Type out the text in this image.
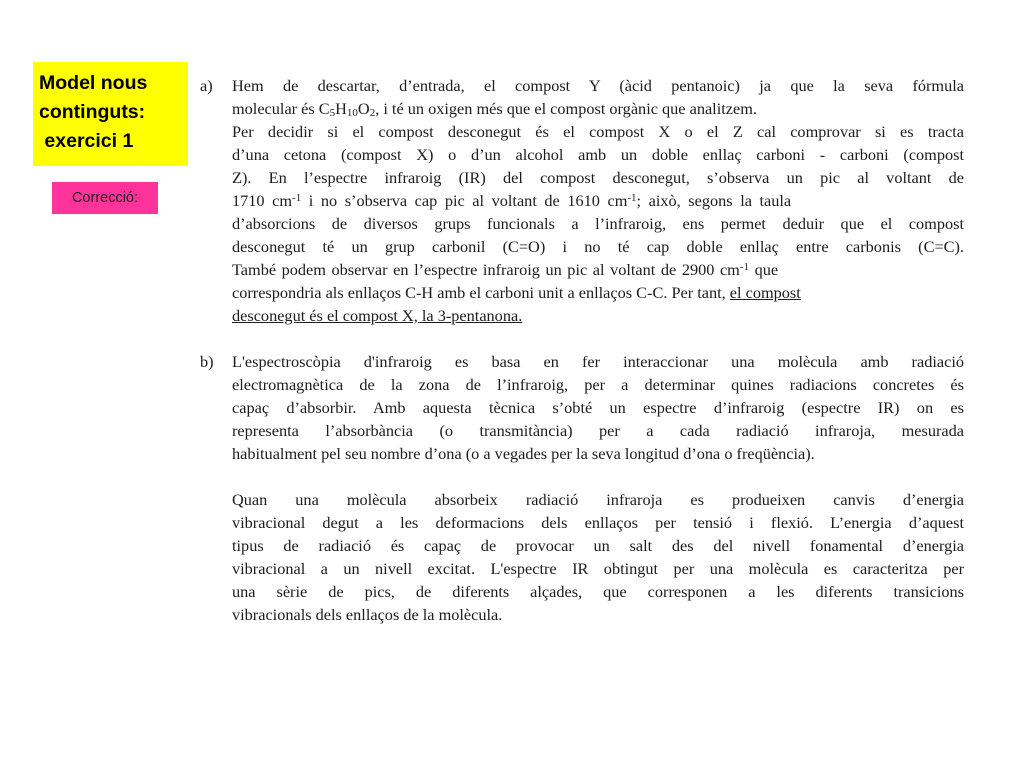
Model nous
continguts:
exercici 1
Correcció:
a) Hem de descartar, d’entrada, el compost Y (àcid pentanoic) ja que la seva fórmula
molecular és $C_5H_{10}O_2$, i té un oxigen més que el compost orgànic que analitzem.
Per decidir si el compost desconegut és el compost X o el Z cal comprovar si es tracta
d’una cetona (compost X) o d’un alcohol amb un doble enllaç carboni - carboni (compost
Z). En l’espectre infraroig (IR) del compost desconegut, s’observa un pic al voltant de
1710 $cm^{-1}$ i no s’observa cap pic al voltant de 1610 $cm^{-1}$; això, segons la taula
d’absorcions de diversos grups funcionals a l’infraroig, ens permet deduir que el compost
desconegut té un grup carbonil (C=O) i no té cap doble enllaç entre carbonis (C=C).
També podem observar en l’espectre infraroig un pic al voltant de 2900 $cm^{-1}$ que
correspondria als enllaços C-H amb el carboni unit a enllaços C-C. Per tant, el compost
desconegut és el compost X, la 3-pentanona.
b) L'espectroscòpia d'infraroig es basa en fer interaccionar una molècula amb radiació
electromagnètica de la zona de l’infraroig, per a determinar quines radiacions concretes és
capaç d’absorbir. Amb aquesta tècnica s’obté un espectre d’infraroig (espectre IR) on es
representa l’absorbància (o transmitància) per a cada radiació infraroja, mesurada
habitualment pel seu nombre d’ona (o a vegades per la seva longitud d’ona o freqüència).
Quan una molècula absorbeix radiació infraroja es produeixen canvis d’energia
vibracional degut a les deformacions dels enllaços per tensió i flexió. L’energia d’aquest
tipus de radiació és capaç de provocar un salt des del nivell fonamental d’energia
vibracional a un nivell excitat. L'espectre IR obtingut per una molècula es caracteritza per
una sèrie de pics, de diferents alçades, que corresponen a les diferents transicions
vibracionals dels enllaços de la molècula.
